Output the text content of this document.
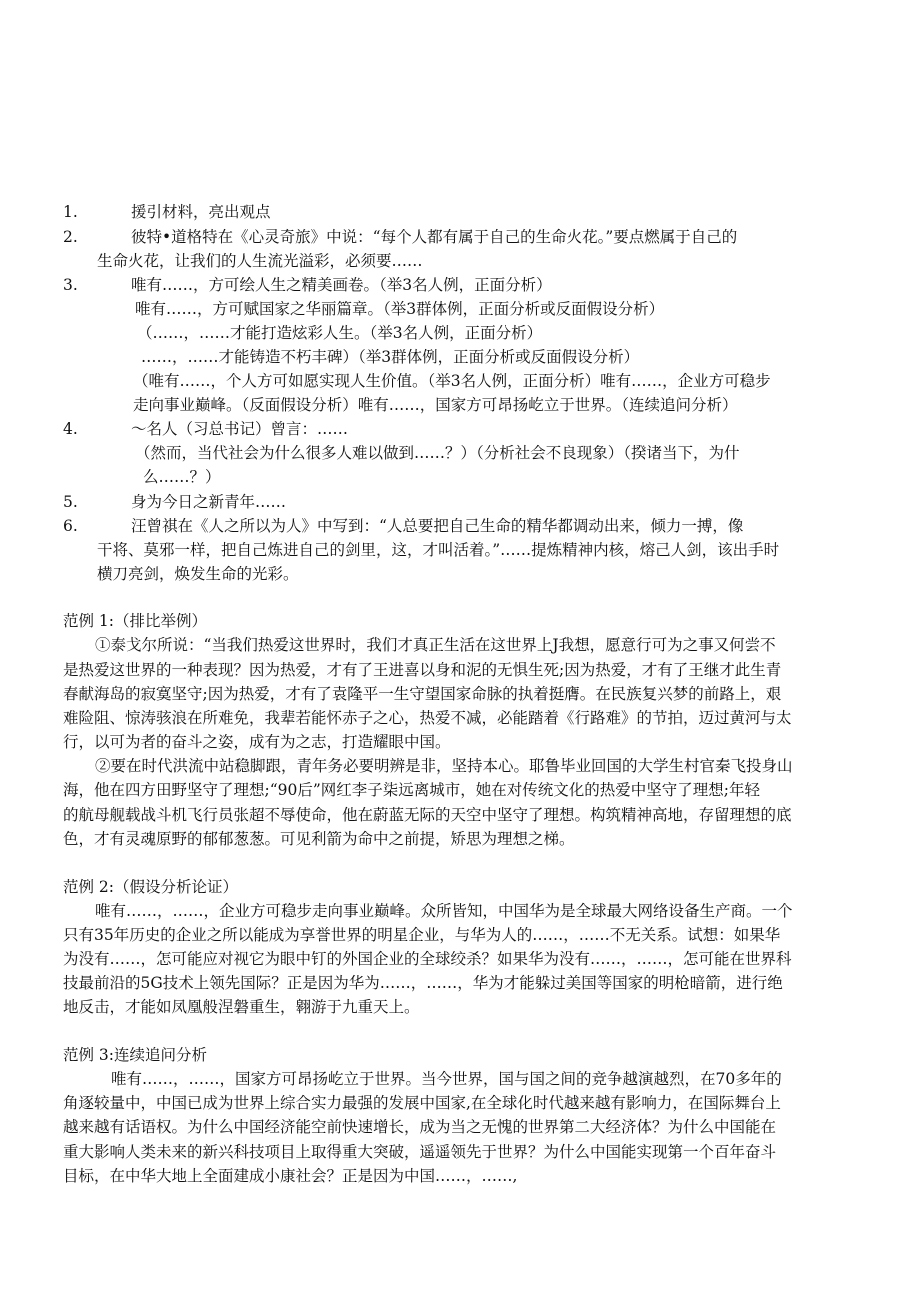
1.	援引材料，亮出观点
2.	彼特•道格特在《心灵奇旅》中说：“每个人都有属于自己的生命火花。”要点燃属于自己的
生命火花，让我们的人生流光溢彩，必须要……
3.	唯有……，方可绘人生之精美画卷。（举3名人例，正面分析）
唯有……，方可赋国家之华丽篇章。（举3群体例，正面分析或反面假设分析）
（……，……才能打造炫彩人生。（举3名人例，正面分析）
……，……才能铸造不朽丰碑）（举3群体例，正面分析或反面假设分析）
（唯有……，个人方可如愿实现人生价值。（举3名人例，正面分析）唯有……，企业方可稳步
走向事业巅峰。（反面假设分析）唯有……，国家方可昂扬屹立于世界。（连续追问分析）
4.	～名人（习总书记）曾言：……
（然而，当代社会为什么很多人难以做到……？）（分析社会不良现象）（揆诸当下，为什
么……？）
5.	身为今日之新青年……
6.	汪曾祺在《人之所以为人》中写到：“人总要把自己生命的精华都调动出来，倾力一搏，像
干将、莫邪一样，把自己炼进自己的剑里，这，才叫活着。”……提炼精神内核，熔己人剑，该出手时
横刀亮剑，焕发生命的光彩。
范例 1:（排比举例）
①泰戈尔所说：“当我们热爱这世界时，我们才真正生活在这世界上J我想，愿意行可为之事又何尝不
是热爱这世界的一种表现？因为热爱，才有了王进喜以身和泥的无惧生死;因为热爱，才有了王继才此生青
春献海岛的寂寞坚守;因为热爱，才有了袁隆平一生守望国家命脉的执着挺膺。在民族复兴梦的前路上，艰
难险阻、惊涛骇浪在所难免，我辈若能怀赤子之心，热爱不减，必能踏着《行路难》的节拍，迈过黄河与太
行，以可为者的奋斗之姿，成有为之志，打造耀眼中国。
②要在时代洪流中站稳脚跟，青年务必要明辨是非，坚持本心。耶鲁毕业回国的大学生村官秦飞投身山
海，他在四方田野坚守了理想;“90后”网红李子柒远离城市，她在对传统文化的热爱中坚守了理想;年轻
的航母舰载战斗机飞行员张超不辱使命，他在蔚蓝无际的天空中坚守了理想。构筑精神高地，存留理想的底
色，才有灵魂原野的郁郁葱葱。可见利箭为命中之前提，矫思为理想之梯。
范例 2:（假设分析论证）
唯有……，……，企业方可稳步走向事业巅峰。众所皆知，中国华为是全球最大网络设备生产商。一个
只有35年历史的企业之所以能成为享誉世界的明星企业，与华为人的……，……不无关系。试想：如果华
为没有……，怎可能应对视它为眼中钉的外国企业的全球绞杀？如果华为没有……，……，怎可能在世界科
技最前沿的5G技术上领先国际？正是因为华为……，……，华为才能躲过美国等国家的明枪暗箭，进行绝
地反击，才能如凤凰般涅磐重生，翱游于九重天上。
范例 3:连续追问分析
唯有……，……，国家方可昂扬屹立于世界。当今世界，国与国之间的竞争越演越烈，在70多年的
角逐较量中，中国已成为世界上综合实力最强的发展中国家,在全球化时代越来越有影响力，在国际舞台上
越来越有话语权。为什么中国经济能空前快速增长，成为当之无愧的世界第二大经济体？为什么中国能在
重大影响人类未来的新兴科技项目上取得重大突破，遥遥领先于世界？为什么中国能实现第一个百年奋斗
目标，在中华大地上全面建成小康社会？正是因为中国……，……,
